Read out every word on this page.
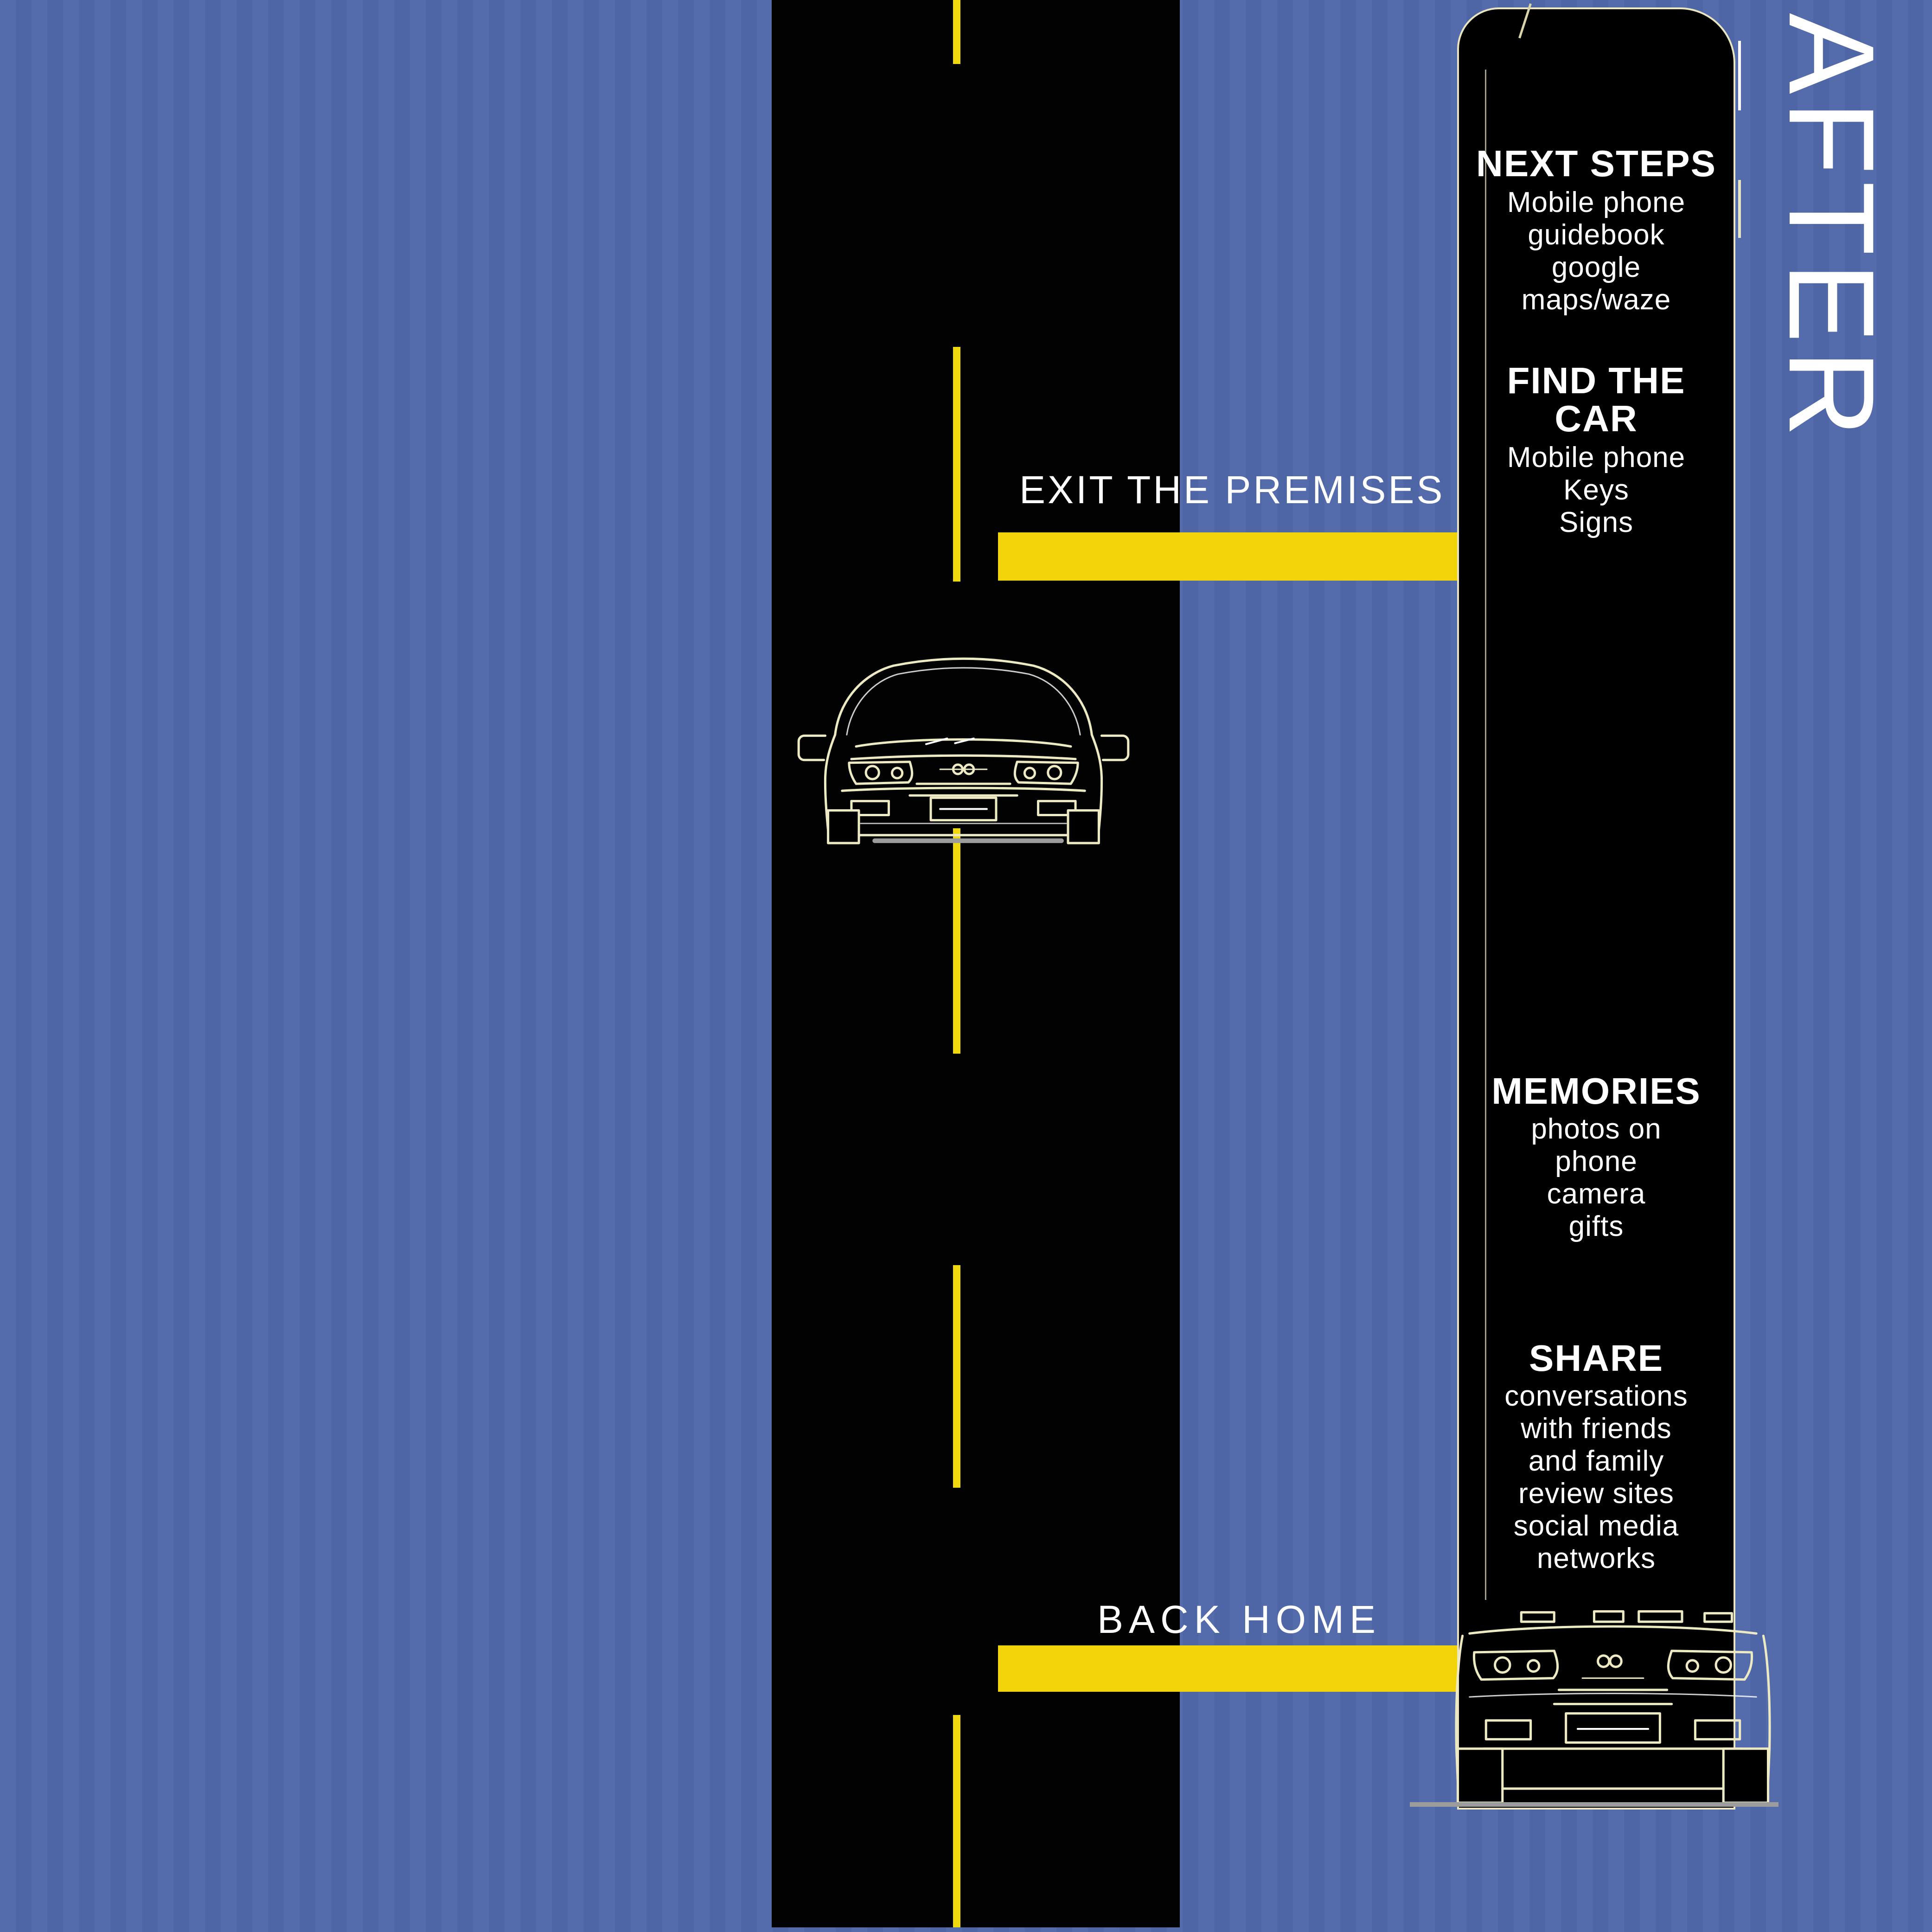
EXIT THE PREMISES
BACK HOME
NEXT STEPS
Mobile phone
guidebook
google
maps/waze
FIND THE
CAR
Mobile phone
Keys
Signs
MEMORIES
photos on
phone
camera
gifts
SHARE
conversations
with friends
and family
review sites
social media
networks
AFTER
